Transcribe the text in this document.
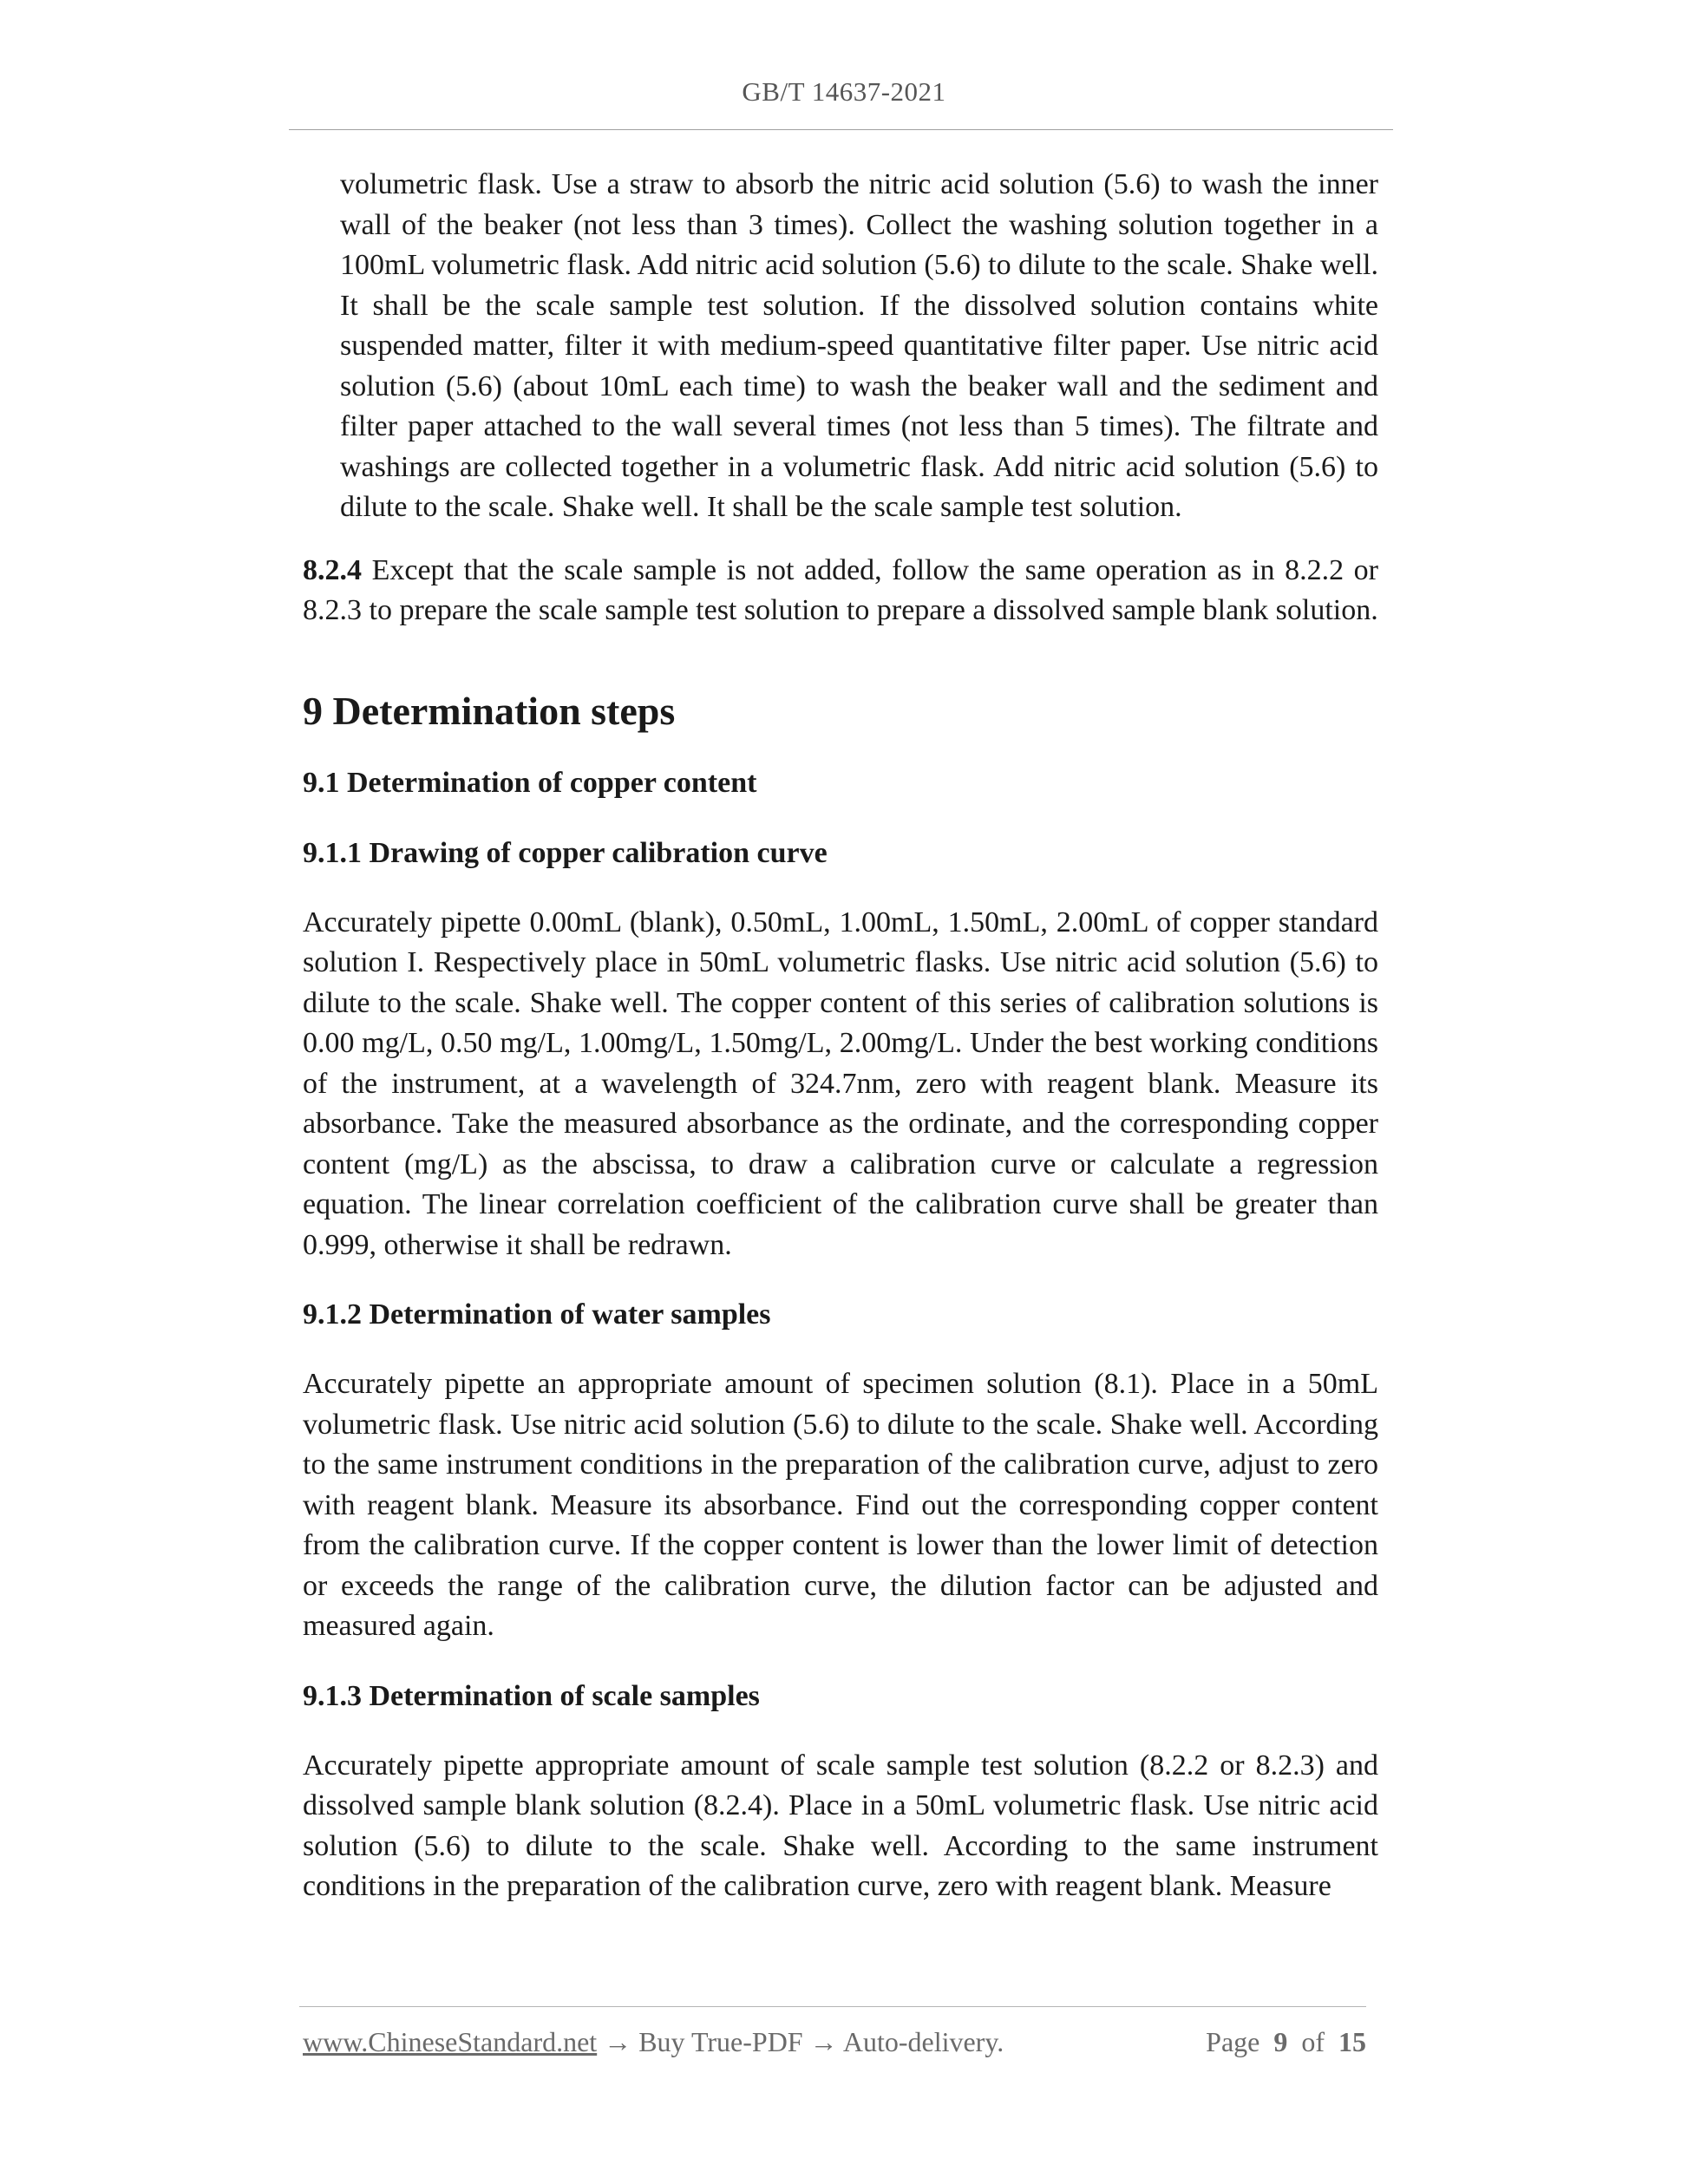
GB/T 14637-2021

volumetric flask. Use a straw to absorb the nitric acid solution (5.6) to wash the inner wall of the beaker (not less than 3 times). Collect the washing solution together in a 100mL volumetric flask. Add nitric acid solution (5.6) to dilute to the scale. Shake well. It shall be the scale sample test solution. If the dissolved solution contains white suspended matter, filter it with medium-speed quantitative filter paper. Use nitric acid solution (5.6) (about 10mL each time) to wash the beaker wall and the sediment and filter paper attached to the wall several times (not less than 5 times). The filtrate and washings are collected together in a volumetric flask. Add nitric acid solution (5.6) to dilute to the scale. Shake well. It shall be the scale sample test solution.

8.2.4 Except that the scale sample is not added, follow the same operation as in 8.2.2 or 8.2.3 to prepare the scale sample test solution to prepare a dissolved sample blank solution.

9 Determination steps
9.1 Determination of copper content
9.1.1 Drawing of copper calibration curve

Accurately pipette 0.00mL (blank), 0.50mL, 1.00mL, 1.50mL, 2.00mL of copper standard solution I. Respectively place in 50mL volumetric flasks. Use nitric acid solution (5.6) to dilute to the scale. Shake well. The copper content of this series of calibration solutions is 0.00 mg/L, 0.50 mg/L, 1.00mg/L, 1.50mg/L, 2.00mg/L. Under the best working conditions of the instrument, at a wavelength of 324.7nm, zero with reagent blank. Measure its absorbance. Take the measured absorbance as the ordinate, and the corresponding copper content (mg/L) as the abscissa, to draw a calibration curve or calculate a regression equation. The linear correlation coefficient of the calibration curve shall be greater than 0.999, otherwise it shall be redrawn.

9.1.2 Determination of water samples

Accurately pipette an appropriate amount of specimen solution (8.1). Place in a 50mL volumetric flask. Use nitric acid solution (5.6) to dilute to the scale. Shake well. According to the same instrument conditions in the preparation of the calibration curve, adjust to zero with reagent blank. Measure its absorbance. Find out the corresponding copper content from the calibration curve. If the copper content is lower than the lower limit of detection or exceeds the range of the calibration curve, the dilution factor can be adjusted and measured again.

9.1.3 Determination of scale samples

Accurately pipette appropriate amount of scale sample test solution (8.2.2 or 8.2.3) and dissolved sample blank solution (8.2.4). Place in a 50mL volumetric flask. Use nitric acid solution (5.6) to dilute to the scale. Shake well. According to the same instrument conditions in the preparation of the calibration curve, zero with reagent blank. Measure

www.ChineseStandard.net → Buy True-PDF → Auto-delivery.	Page 9 of 15
